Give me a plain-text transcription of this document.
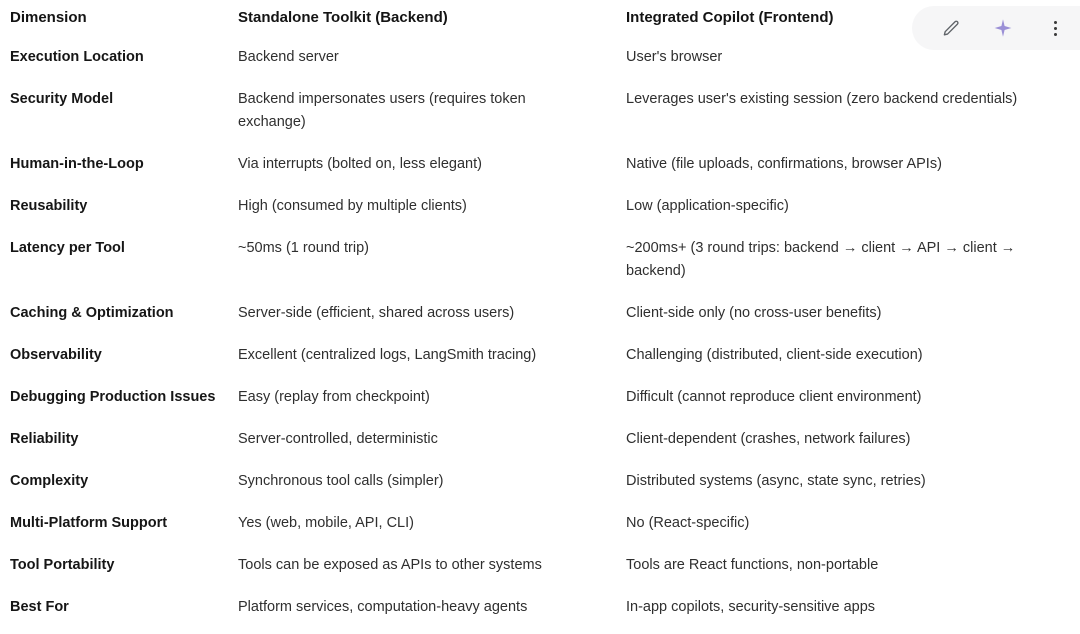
Dimension	Standalone Toolkit (Backend)	Integrated Copilot (Frontend)
Execution Location	Backend server	User's browser
Security Model	Backend impersonates users (requires token exchange)	Leverages user's existing session (zero backend credentials)
Human-in-the-Loop	Via interrupts (bolted on, less elegant)	Native (file uploads, confirmations, browser APIs)
Reusability	High (consumed by multiple clients)	Low (application-specific)
Latency per Tool	~50ms (1 round trip)	~200ms+ (3 round trips: backend → client → API → client → backend)
Caching & Optimization	Server-side (efficient, shared across users)	Client-side only (no cross-user benefits)
Observability	Excellent (centralized logs, LangSmith tracing)	Challenging (distributed, client-side execution)
Debugging Production Issues	Easy (replay from checkpoint)	Difficult (cannot reproduce client environment)
Reliability	Server-controlled, deterministic	Client-dependent (crashes, network failures)
Complexity	Synchronous tool calls (simpler)	Distributed systems (async, state sync, retries)
Multi-Platform Support	Yes (web, mobile, API, CLI)	No (React-specific)
Tool Portability	Tools can be exposed as APIs to other systems	Tools are React functions, non-portable
Best For	Platform services, computation-heavy agents	In-app copilots, security-sensitive apps
